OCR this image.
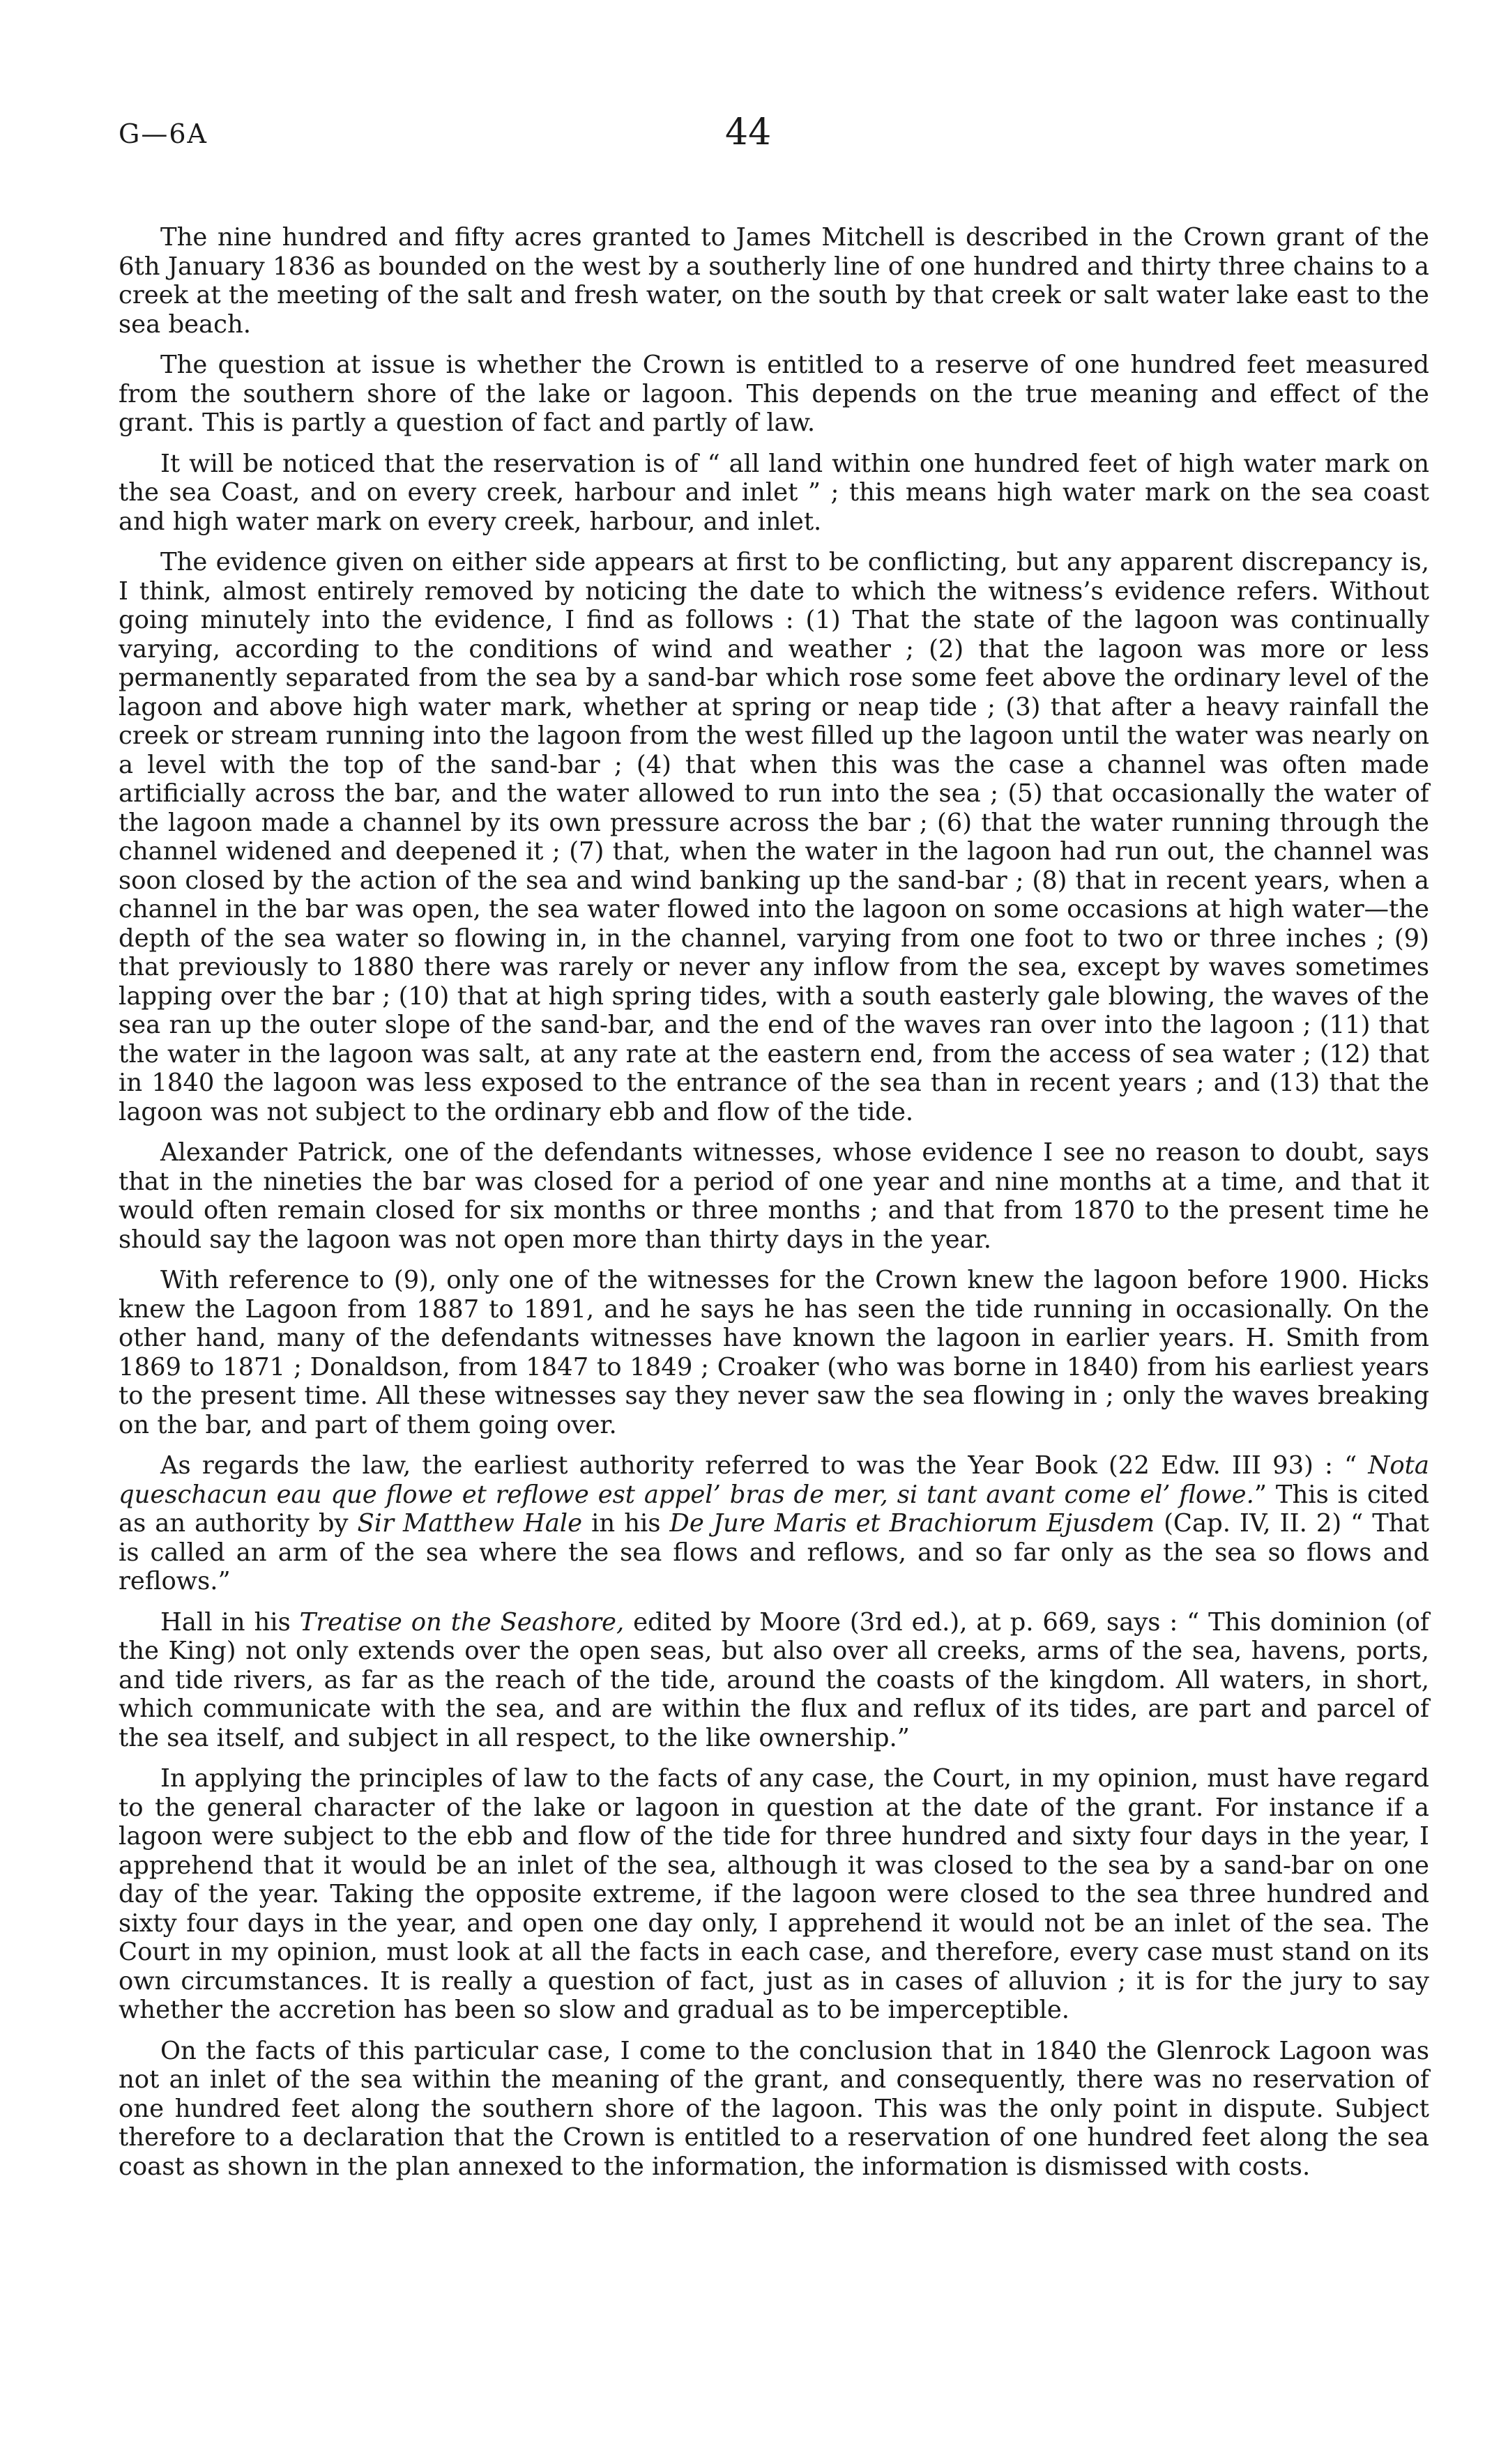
G—6A	44

The nine hundred and fifty acres granted to James Mitchell is described in the Crown grant of the 6th January 1836 as bounded on the west by a southerly line of one hundred and thirty three chains to a creek at the meeting of the salt and fresh water, on the south by that creek or salt water lake east to the sea beach.

The question at issue is whether the Crown is entitled to a reserve of one hundred feet measured from the southern shore of the lake or lagoon. This depends on the true meaning and effect of the grant. This is partly a question of fact and partly of law.

It will be noticed that the reservation is of “ all land within one hundred feet of high water mark on the sea Coast, and on every creek, harbour and inlet ” ; this means high water mark on the sea coast and high water mark on every creek, harbour, and inlet.

The evidence given on either side appears at first to be conflicting, but any apparent discrepancy is, I think, almost entirely removed by noticing the date to which the witness’s evidence refers. Without going minutely into the evidence, I find as follows : (1) That the state of the lagoon was continually varying, according to the conditions of wind and weather ; (2) that the lagoon was more or less permanently separated from the sea by a sand-bar which rose some feet above the ordinary level of the lagoon and above high water mark, whether at spring or neap tide ; (3) that after a heavy rainfall the creek or stream running into the lagoon from the west filled up the lagoon until the water was nearly on a level with the top of the sand-bar ; (4) that when this was the case a channel was often made artificially across the bar, and the water allowed to run into the sea ; (5) that occasionally the water of the lagoon made a channel by its own pressure across the bar ; (6) that the water running through the channel widened and deepened it ; (7) that, when the water in the lagoon had run out, the channel was soon closed by the action of the sea and wind banking up the sand-bar ; (8) that in recent years, when a channel in the bar was open, the sea water flowed into the lagoon on some occasions at high water—the depth of the sea water so flowing in, in the channel, varying from one foot to two or three inches ; (9) that previously to 1880 there was rarely or never any inflow from the sea, except by waves sometimes lapping over the bar ; (10) that at high spring tides, with a south easterly gale blowing, the waves of the sea ran up the outer slope of the sand-bar, and the end of the waves ran over into the lagoon ; (11) that the water in the lagoon was salt, at any rate at the eastern end, from the access of sea water ; (12) that in 1840 the lagoon was less exposed to the entrance of the sea than in recent years ; and (13) that the lagoon was not subject to the ordinary ebb and flow of the tide.

Alexander Patrick, one of the defendants witnesses, whose evidence I see no reason to doubt, says that in the nineties the bar was closed for a period of one year and nine months at a time, and that it would often remain closed for six months or three months ; and that from 1870 to the present time he should say the lagoon was not open more than thirty days in the year.

With reference to (9), only one of the witnesses for the Crown knew the lagoon before 1900. Hicks knew the Lagoon from 1887 to 1891, and he says he has seen the tide running in occasionally. On the other hand, many of the defendants witnesses have known the lagoon in earlier years. H. Smith from 1869 to 1871 ; Donaldson, from 1847 to 1849 ; Croaker (who was borne in 1840) from his earliest years to the present time. All these witnesses say they never saw the sea flowing in ; only the waves breaking on the bar, and part of them going over.

As regards the law, the earliest authority referred to was the Year Book (22 Edw. III 93) : “ Nota queschacun eau que flowe et reflowe est appel’ bras de mer, si tant avant come el’ flowe.” This is cited as an authority by Sir Matthew Hale in his De Jure Maris et Brachiorum Ejusdem (Cap. IV, II. 2) “ That is called an arm of the sea where the sea flows and reflows, and so far only as the sea so flows and reflows.”

Hall in his Treatise on the Seashore, edited by Moore (3rd ed.), at p. 669, says : “ This dominion (of the King) not only extends over the open seas, but also over all creeks, arms of the sea, havens, ports, and tide rivers, as far as the reach of the tide, around the coasts of the kingdom. All waters, in short, which communicate with the sea, and are within the flux and reflux of its tides, are part and parcel of the sea itself, and subject in all respect, to the like ownership.”

In applying the principles of law to the facts of any case, the Court, in my opinion, must have regard to the general character of the lake or lagoon in question at the date of the grant. For instance if a lagoon were subject to the ebb and flow of the tide for three hundred and sixty four days in the year, I apprehend that it would be an inlet of the sea, although it was closed to the sea by a sand-bar on one day of the year. Taking the opposite extreme, if the lagoon were closed to the sea three hundred and sixty four days in the year, and open one day only, I apprehend it would not be an inlet of the sea. The Court in my opinion, must look at all the facts in each case, and therefore, every case must stand on its own circumstances. It is really a question of fact, just as in cases of alluvion ; it is for the jury to say whether the accretion has been so slow and gradual as to be imperceptible.

On the facts of this particular case, I come to the conclusion that in 1840 the Glenrock Lagoon was not an inlet of the sea within the meaning of the grant, and consequently, there was no reservation of one hundred feet along the southern shore of the lagoon. This was the only point in dispute. Subject therefore to a declaration that the Crown is entitled to a reservation of one hundred feet along the sea coast as shown in the plan annexed to the information, the information is dismissed with costs.
